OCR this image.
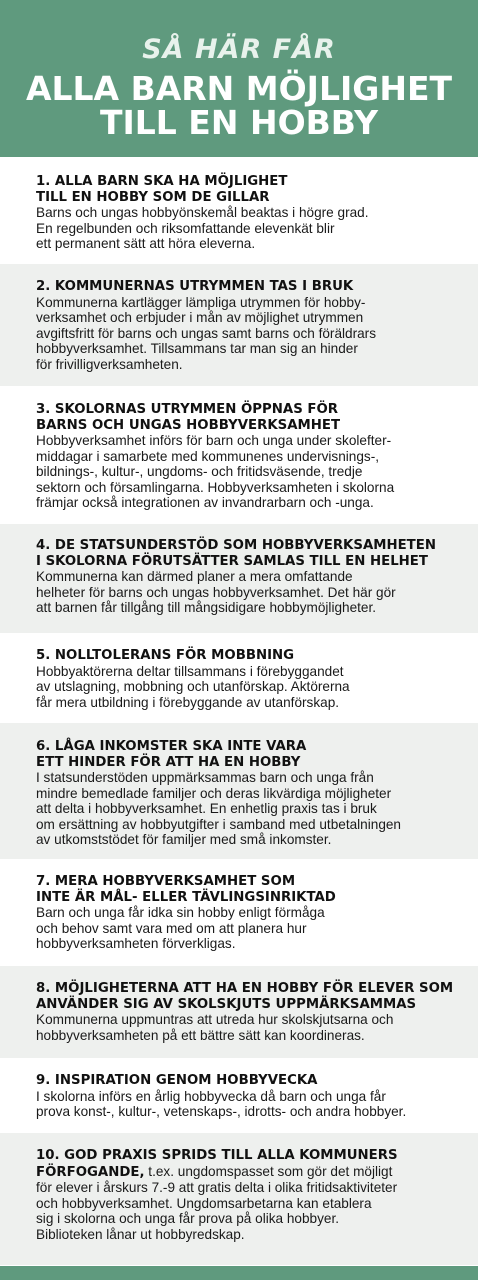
SÅ HÄR FÅR
ALLA BARN MÖJLIGHET
TILL EN HOBBY
1. ALLA BARN SKA HA MÖJLIGHET
TILL EN HOBBY SOM DE GILLAR
Barns och ungas hobbyönskemål beaktas i högre grad.
En regelbunden och riksomfattande elevenkät blir
ett permanent sätt att höra eleverna.
2. KOMMUNERNAS UTRYMMEN TAS I BRUK
Kommunerna kartlägger lämpliga utrymmen för hobby-
verksamhet och erbjuder i mån av möjlighet utrymmen
avgiftsfritt för barns och ungas samt barns och föräldrars
hobbyverksamhet. Tillsammans tar man sig an hinder
för frivilligverksamheten.
3. SKOLORNAS UTRYMMEN ÖPPNAS FÖR
BARNS OCH UNGAS HOBBYVERKSAMHET
Hobbyverksamhet införs för barn och unga under skolefter-
middagar i samarbete med kommunenes undervisnings-,
bildnings-, kultur-, ungdoms- och fritidsväsende, tredje
sektorn och församlingarna. Hobbyverksamheten i skolorna
främjar också integrationen av invandrarbarn och -unga.
4. DE STATSUNDERSTÖD SOM HOBBYVERKSAMHETEN
I SKOLORNA FÖRUTSÄTTER SAMLAS TILL EN HELHET
Kommunerna kan därmed planer a mera omfattande
helheter för barns och ungas hobbyverksamhet. Det här gör
att barnen får tillgång till mångsidigare hobbymöjligheter.
5. NOLLTOLERANS FÖR MOBBNING
Hobbyaktörerna deltar tillsammans i förebyggandet
av utslagning, mobbning och utanförskap. Aktörerna
får mera utbildning i förebyggande av utanförskap.
6. LÅGA INKOMSTER SKA INTE VARA
ETT HINDER FÖR ATT HA EN HOBBY
I statsunderstöden uppmärksammas barn och unga från
mindre bemedlade familjer och deras likvärdiga möjligheter
att delta i hobbyverksamhet. En enhetlig praxis tas i bruk
om ersättning av hobbyutgifter i samband med utbetalningen
av utkomststödet för familjer med små inkomster.
7. MERA HOBBYVERKSAMHET SOM
INTE ÄR MÅL- ELLER TÄVLINGSINRIKTAD
Barn och unga får idka sin hobby enligt förmåga
och behov samt vara med om att planera hur
hobbyverksamheten förverkligas.
8. MÖJLIGHETERNA ATT HA EN HOBBY FÖR ELEVER SOM
ANVÄNDER SIG AV SKOLSKJUTS UPPMÄRKSAMMAS
Kommunerna uppmuntras att utreda hur skolskjutsarna och
hobbyverksamheten på ett bättre sätt kan koordineras.
9. INSPIRATION GENOM HOBBYVECKA
I skolorna införs en årlig hobbyvecka då barn och unga får
prova konst-, kultur-, vetenskaps-, idrotts- och andra hobbyer.
10. GOD PRAXIS SPRIDS TILL ALLA KOMMUNERS
FÖRFOGANDE, t.ex. ungdomspasset som gör det möjligt
för elever i årskurs 7.-9 att gratis delta i olika fritidsaktiviteter
och hobbyverksamhet. Ungdomsarbetarna kan etablera
sig i skolorna och unga får prova på olika hobbyer.
Biblioteken lånar ut hobbyredskap.
